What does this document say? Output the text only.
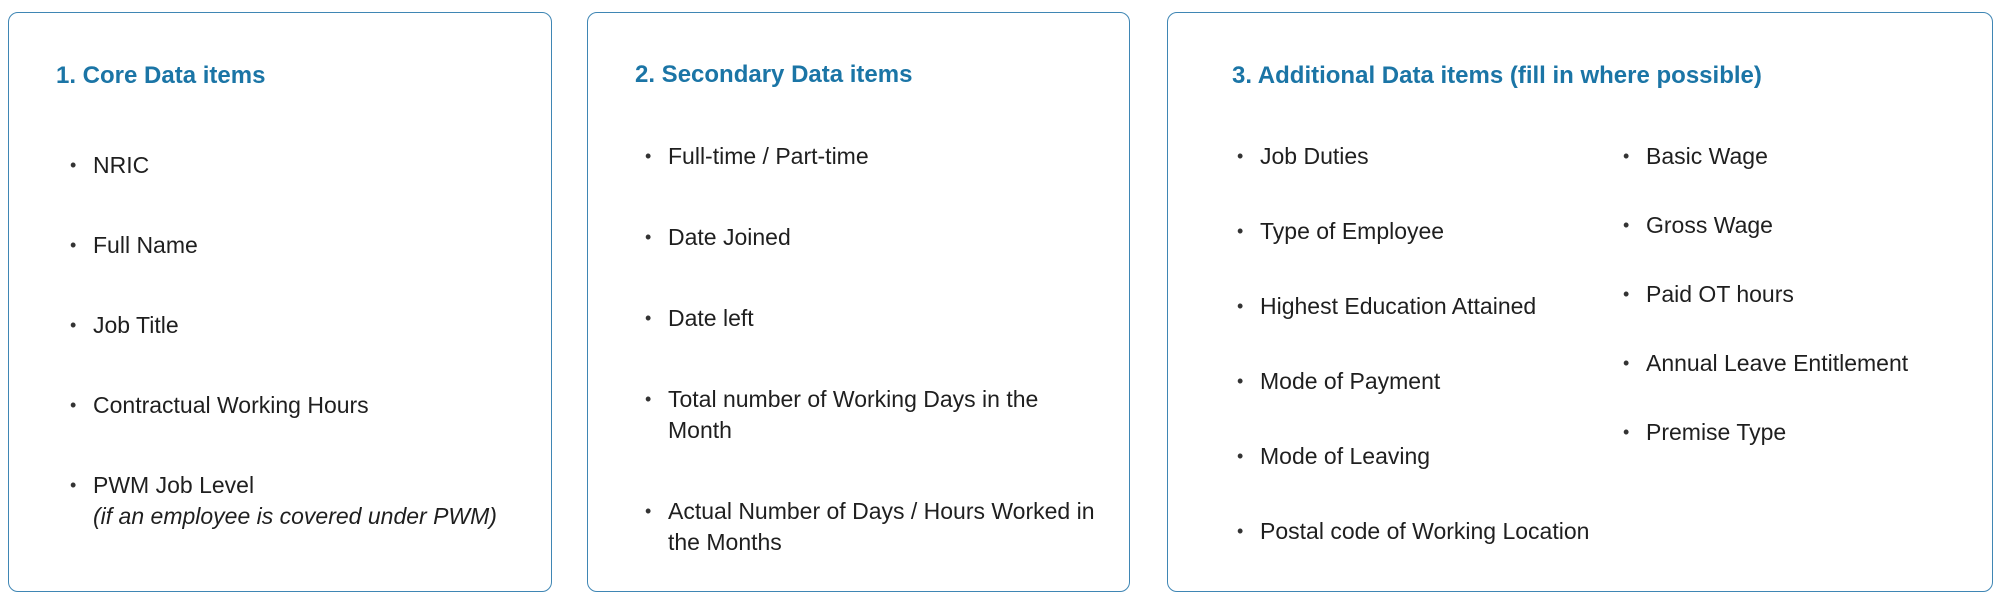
1. Core Data items
• NRIC
• Full Name
• Job Title
• Contractual Working Hours
• PWM Job Level
(if an employee is covered under PWM)
2. Secondary Data items
• Full-time / Part-time
• Date Joined
• Date left
• Total number of Working Days in the Month
• Actual Number of Days / Hours Worked in the Months
3. Additional Data items (fill in where possible)
• Job Duties
• Type of Employee
• Highest Education Attained
• Mode of Payment
• Mode of Leaving
• Postal code of Working Location
• Basic Wage
• Gross Wage
• Paid OT hours
• Annual Leave Entitlement
• Premise Type
